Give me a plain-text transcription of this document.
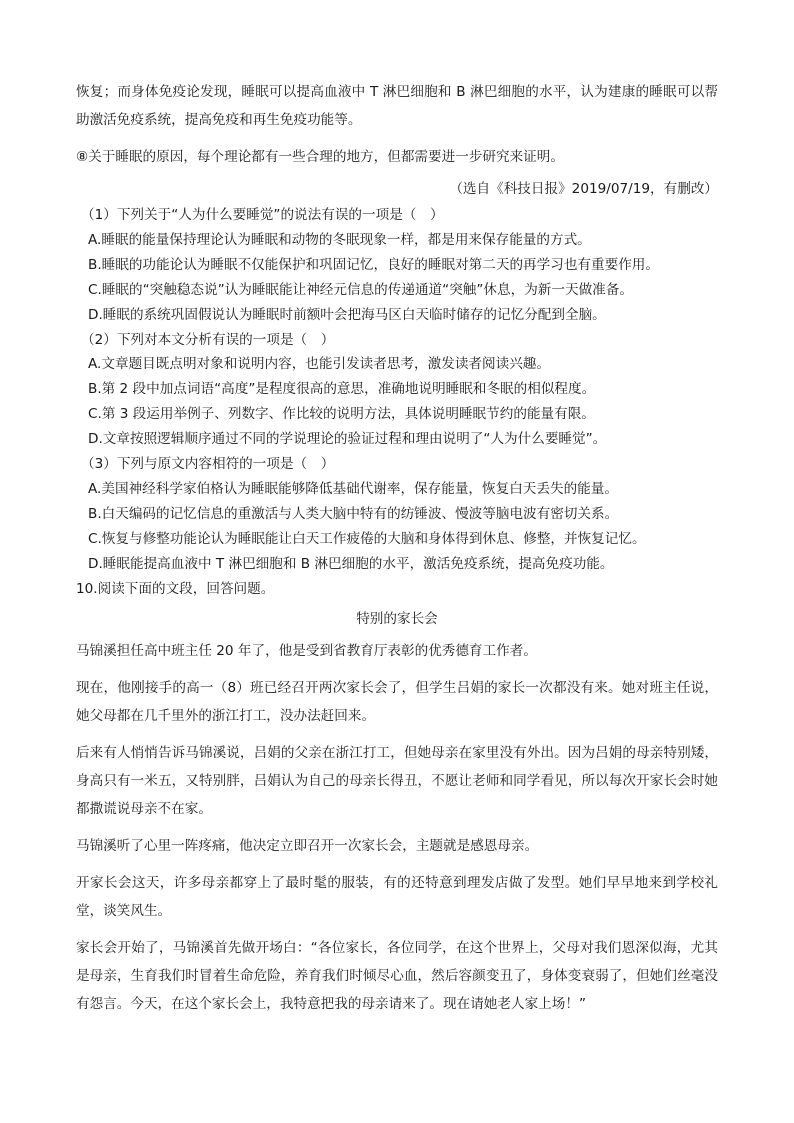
恢复；而身体免疫论发现，睡眠可以提高血液中 T 淋巴细胞和 B 淋巴细胞的水平，认为建康的睡眠可以帮助激活免疫系统，提高免疫和再生免疫功能等。

⑧关于睡眠的原因，每个理论都有一些合理的地方，但都需要进一步研究来证明。

（选自《科技日报》2019/07/19，有删改）
（1）下列关于“人为什么要睡觉”的说法有误的一项是（　）
A.睡眠的能量保持理论认为睡眠和动物的冬眠现象一样，都是用来保存能量的方式。
B.睡眠的功能论认为睡眠不仅能保护和巩固记忆，良好的睡眠对第二天的再学习也有重要作用。
C.睡眠的“突触稳态说”认为睡眠能让神经元信息的传递通道“突触”休息，为新一天做准备。
D.睡眠的系统巩固假说认为睡眠时前额叶会把海马区白天临时储存的记忆分配到全脑。
（2）下列对本文分析有误的一项是（　）
A.文章题目既点明对象和说明内容，也能引发读者思考，激发读者阅读兴趣。
B.第 2 段中加点词语“高度”是程度很高的意思，准确地说明睡眠和冬眠的相似程度。
C.第 3 段运用举例子、列数字、作比较的说明方法，具体说明睡眠节约的能量有限。
D.文章按照逻辑顺序通过不同的学说理论的验证过程和理由说明了“人为什么要睡觉”。
（3）下列与原文内容相符的一项是（　）
A.美国神经科学家伯格认为睡眠能够降低基础代谢率，保存能量，恢复白天丢失的能量。
B.白天编码的记忆信息的重激活与人类大脑中特有的纺锤波、慢波等脑电波有密切关系。
C.恢复与修整功能论认为睡眠能让白天工作疲倦的大脑和身体得到休息、修整，并恢复记忆。
D.睡眠能提高血液中 T 淋巴细胞和 B 淋巴细胞的水平，激活免疫系统，提高免疫功能。
10.阅读下面的文段，回答问题。
特别的家长会

马锦溪担任高中班主任 20 年了，他是受到省教育厅表彰的优秀德育工作者。

现在，他刚接手的高一（8）班已经召开两次家长会了，但学生吕娟的家长一次都没有来。她对班主任说，她父母都在几千里外的浙江打工，没办法赶回来。

后来有人悄悄告诉马锦溪说，吕娟的父亲在浙江打工，但她母亲在家里没有外出。因为吕娟的母亲特别矮，身高只有一米五，又特别胖，吕娟认为自己的母亲长得丑，不愿让老师和同学看见，所以每次开家长会时她都撒谎说母亲不在家。

马锦溪听了心里一阵疼痛，他决定立即召开一次家长会，主题就是感恩母亲。

开家长会这天，许多母亲都穿上了最时髦的服装，有的还特意到理发店做了发型。她们早早地来到学校礼堂，谈笑风生。

家长会开始了，马锦溪首先做开场白：“各位家长，各位同学，在这个世界上，父母对我们恩深似海，尤其是母亲，生育我们时冒着生命危险，养育我们时倾尽心血，然后容颜变丑了，身体变衰弱了，但她们丝毫没有怨言。今天，在这个家长会上，我特意把我的母亲请来了。现在请她老人家上场！”
